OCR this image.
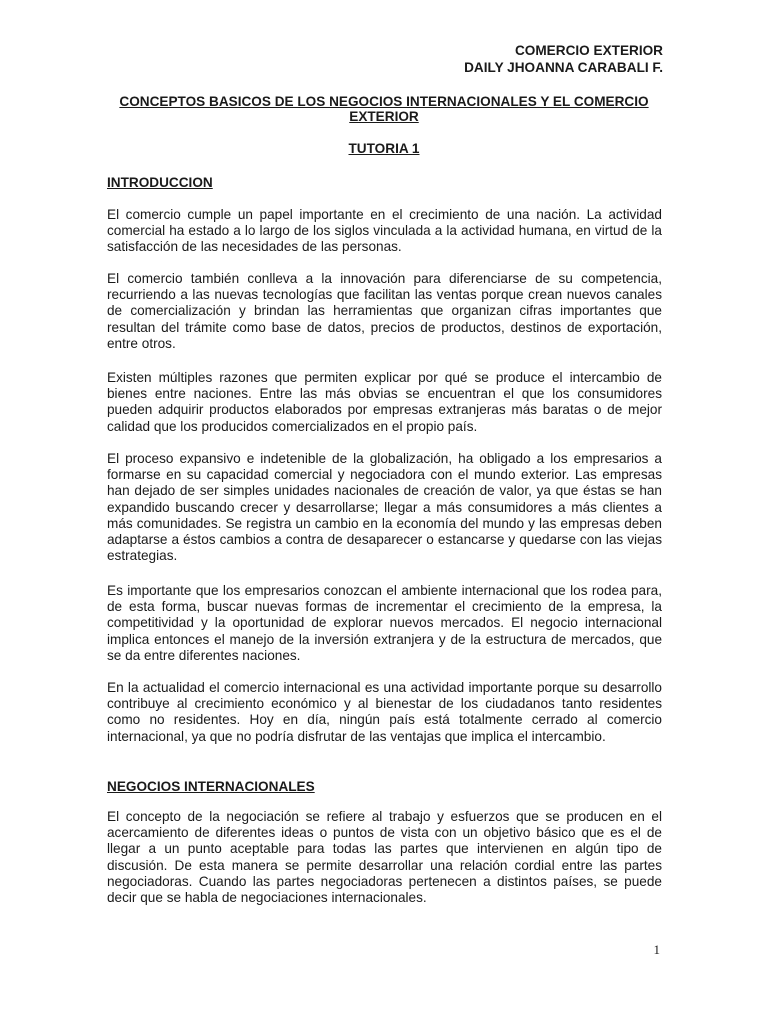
COMERCIO EXTERIOR
DAILY JHOANNA CARABALI F.
CONCEPTOS BASICOS DE LOS NEGOCIOS INTERNACIONALES Y EL COMERCIO EXTERIOR
TUTORIA 1
INTRODUCCION

El comercio cumple un papel importante en el crecimiento de una nación. La actividad comercial ha estado a lo largo de los siglos vinculada a la actividad humana, en virtud de la satisfacción de las necesidades de las personas.

El comercio también conlleva a la innovación para diferenciarse de su competencia, recurriendo a las nuevas tecnologías que facilitan las ventas porque crean nuevos canales de comercialización y brindan las herramientas que organizan cifras importantes que resultan del trámite como base de datos, precios de productos, destinos de exportación, entre otros.

Existen múltiples razones que permiten explicar por qué se produce el intercambio de bienes entre naciones. Entre las más obvias se encuentran el que los consumidores pueden adquirir productos elaborados por empresas extranjeras más baratas o de mejor calidad que los producidos comercializados en el propio país.

El proceso expansivo e indetenible de la globalización, ha obligado a los empresarios a formarse en su capacidad comercial y negociadora con el mundo exterior. Las empresas han dejado de ser simples unidades nacionales de creación de valor, ya que éstas se han expandido buscando crecer y desarrollarse; llegar a más consumidores a más clientes a más comunidades. Se registra un cambio en la economía del mundo y las empresas deben adaptarse a éstos cambios a contra de desaparecer o estancarse y quedarse con las viejas estrategias.

Es importante que los empresarios conozcan el ambiente internacional que los rodea para, de esta forma, buscar nuevas formas de incrementar el crecimiento de la empresa, la competitividad y la oportunidad de explorar nuevos mercados. El negocio internacional implica entonces el manejo de la inversión extranjera y de la estructura de mercados, que se da entre diferentes naciones.

En la actualidad el comercio internacional es una actividad importante porque su desarrollo contribuye al crecimiento económico y al bienestar de los ciudadanos tanto residentes como no residentes. Hoy en día, ningún país está totalmente cerrado al comercio internacional, ya que no podría disfrutar de las ventajas que implica el intercambio.

NEGOCIOS INTERNACIONALES

El concepto de la negociación se refiere al trabajo y esfuerzos que se producen en el acercamiento de diferentes ideas o puntos de vista con un objetivo básico que es el de llegar a un punto aceptable para todas las partes que intervienen en algún tipo de discusión. De esta manera se permite desarrollar una relación cordial entre las partes negociadoras. Cuando las partes negociadoras pertenecen a distintos países, se puede decir que se habla de negociaciones internacionales.

1
